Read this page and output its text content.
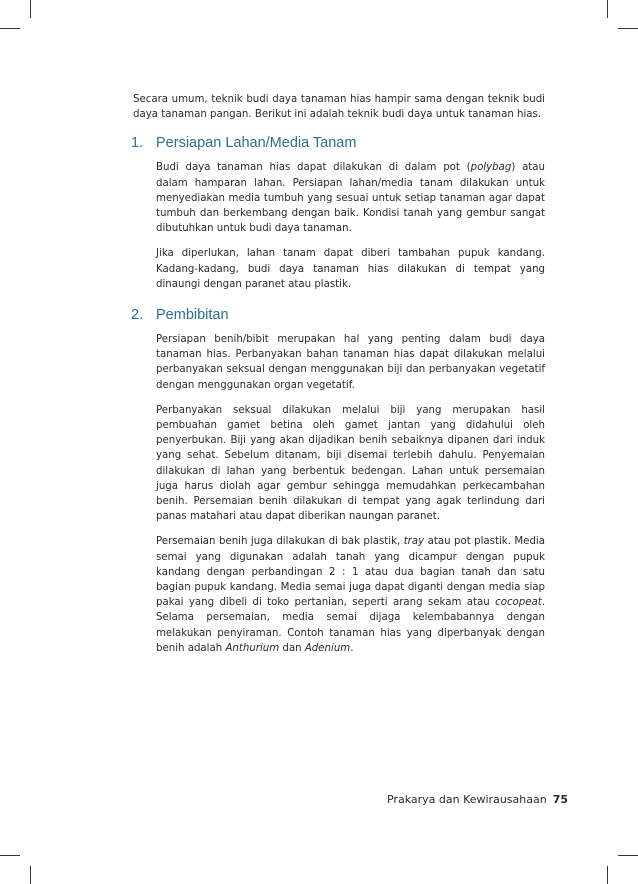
Secara umum, teknik budi daya tanaman hias hampir sama dengan teknik budi daya tanaman pangan. Berikut ini adalah teknik budi daya untuk tanaman hias.

1. Persiapan Lahan/Media Tanam

Budi daya tanaman hias dapat dilakukan di dalam pot (polybag) atau dalam hamparan lahan. Persiapan lahan/media tanam dilakukan untuk menyediakan media tumbuh yang sesuai untuk setiap tanaman agar dapat tumbuh dan berkembang dengan baik. Kondisi tanah yang gembur sangat dibutuhkan untuk budi daya tanaman.

Jika diperlukan, lahan tanam dapat diberi tambahan pupuk kandang. Kadang-kadang, budi daya tanaman hias dilakukan di tempat yang dinaungi dengan paranet atau plastik.

2. Pembibitan

Persiapan benih/bibit merupakan hal yang penting dalam budi daya tanaman hias. Perbanyakan bahan tanaman hias dapat dilakukan melalui perbanyakan seksual dengan menggunakan biji dan perbanyakan vegetatif dengan menggunakan organ vegetatif.

Perbanyakan seksual dilakukan melalui biji yang merupakan hasil pembuahan gamet betina oleh gamet jantan yang didahului oleh penyerbukan. Biji yang akan dijadikan benih sebaiknya dipanen dari induk yang sehat. Sebelum ditanam, biji disemai terlebih dahulu. Penyemaian dilakukan di lahan yang berbentuk bedengan. Lahan untuk persemaian juga harus diolah agar gembur sehingga memudahkan perkecambahan benih. Persemaian benih dilakukan di tempat yang agak terlindung dari panas matahari atau dapat diberikan naungan paranet.

Persemaian benih juga dilakukan di bak plastik, tray atau pot plastik. Media semai yang digunakan adalah tanah yang dicampur dengan pupuk kandang dengan perbandingan 2 : 1 atau dua bagian tanah dan satu bagian pupuk kandang. Media semai juga dapat diganti dengan media siap pakai yang dibeli di toko pertanian, seperti arang sekam atau cocopeat. Selama persemaian, media semai dijaga kelembabannya dengan melakukan penyiraman. Contoh tanaman hias yang diperbanyak dengan benih adalah Anthurium dan Adenium.

Prakarya dan Kewirausahaan 75
